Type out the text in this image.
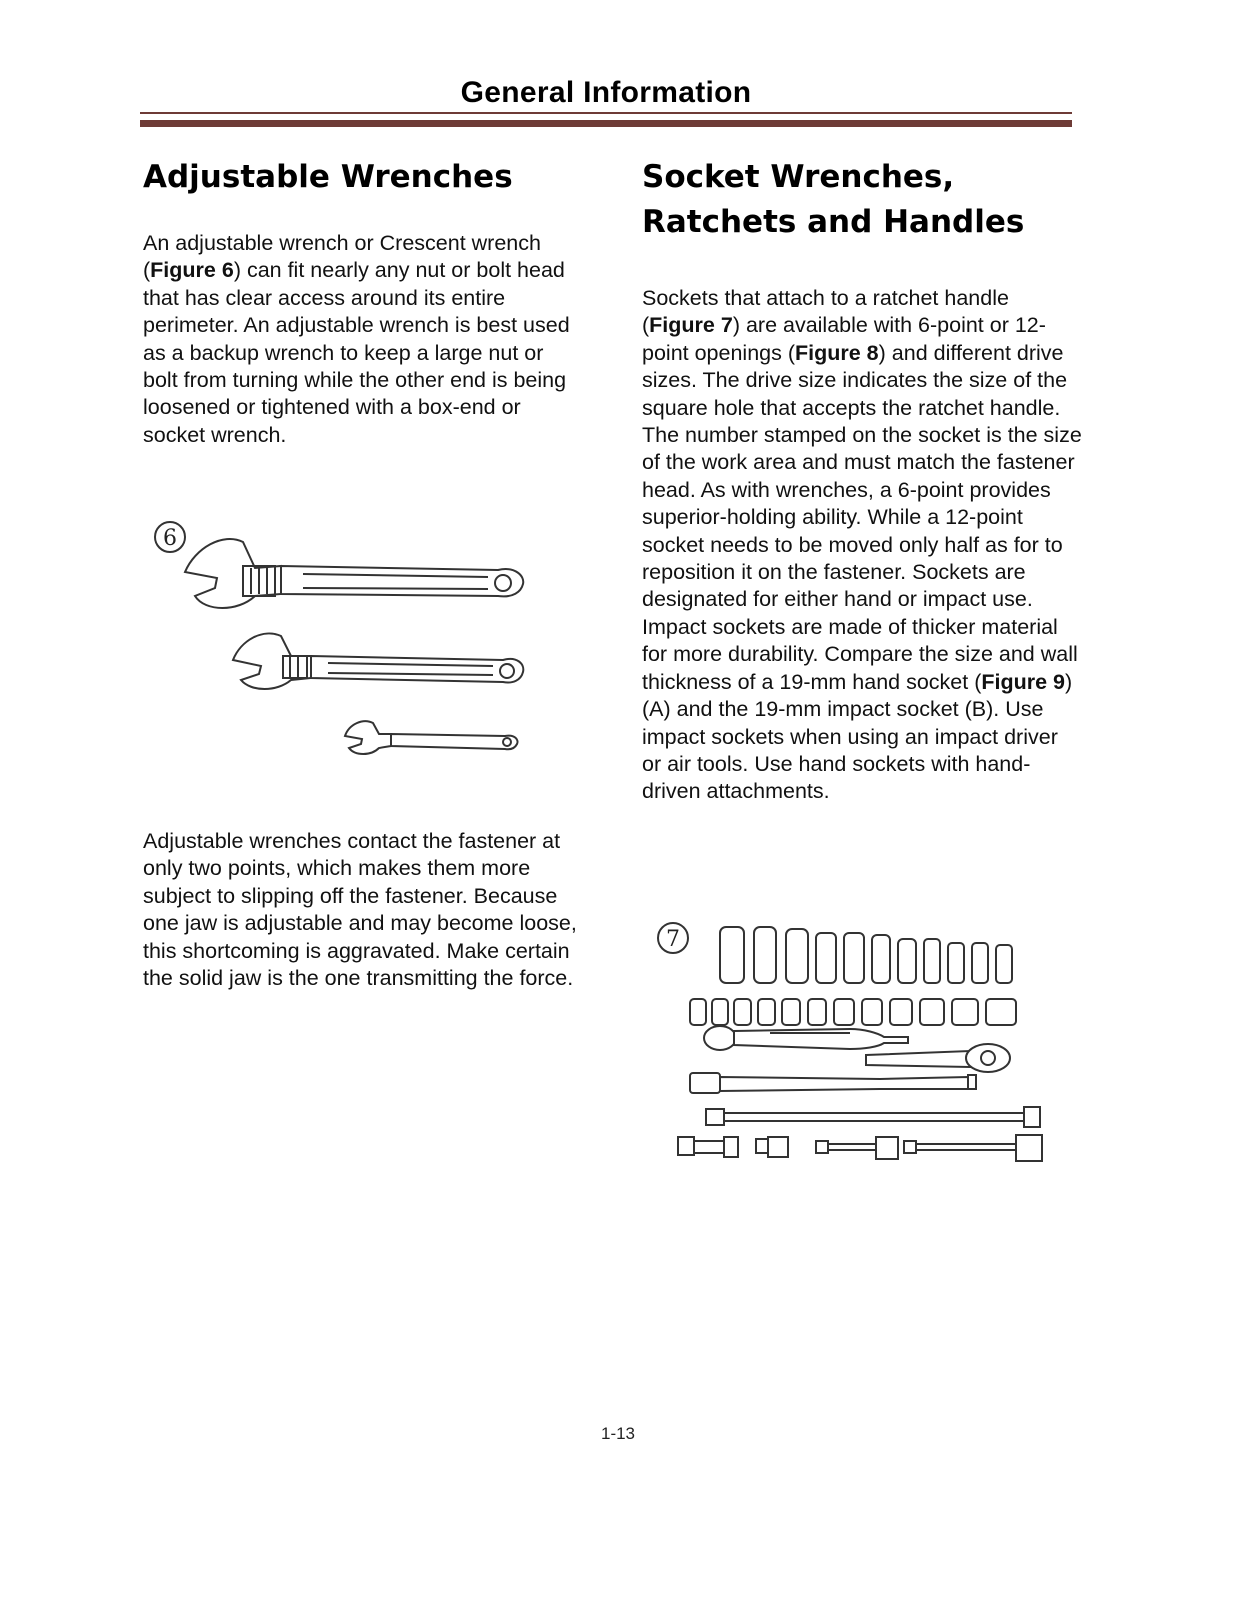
General Information
Adjustable Wrenches

An adjustable wrench or Crescent wrench (Figure 6) can fit nearly any nut or bolt head that has clear access around its entire perimeter. An adjustable wrench is best used as a backup wrench to keep a large nut or bolt from turning while the other end is being loosened or tightened with a box-end or socket wrench.

6

Adjustable wrenches contact the fastener at only two points, which makes them more subject to slipping off the fastener. Because one jaw is adjustable and may become loose, this shortcoming is aggravated. Make certain the solid jaw is the one transmitting the force.

Socket Wrenches,
Ratchets and Handles

Sockets that attach to a ratchet handle (Figure 7) are available with 6-point or 12-point openings (Figure 8) and different drive sizes. The drive size indicates the size of the square hole that accepts the ratchet handle. The number stamped on the socket is the size of the work area and must match the fastener head. As with wrenches, a 6-point provides superior-holding ability. While a 12-point socket needs to be moved only half as for to reposition it on the fastener. Sockets are designated for either hand or impact use. Impact sockets are made of thicker material for more durability. Compare the size and wall thickness of a 19-mm hand socket (Figure 9) (A) and the 19-mm impact socket (B). Use impact sockets when using an impact driver or air tools. Use hand sockets with hand-driven attachments.

7
1-13
